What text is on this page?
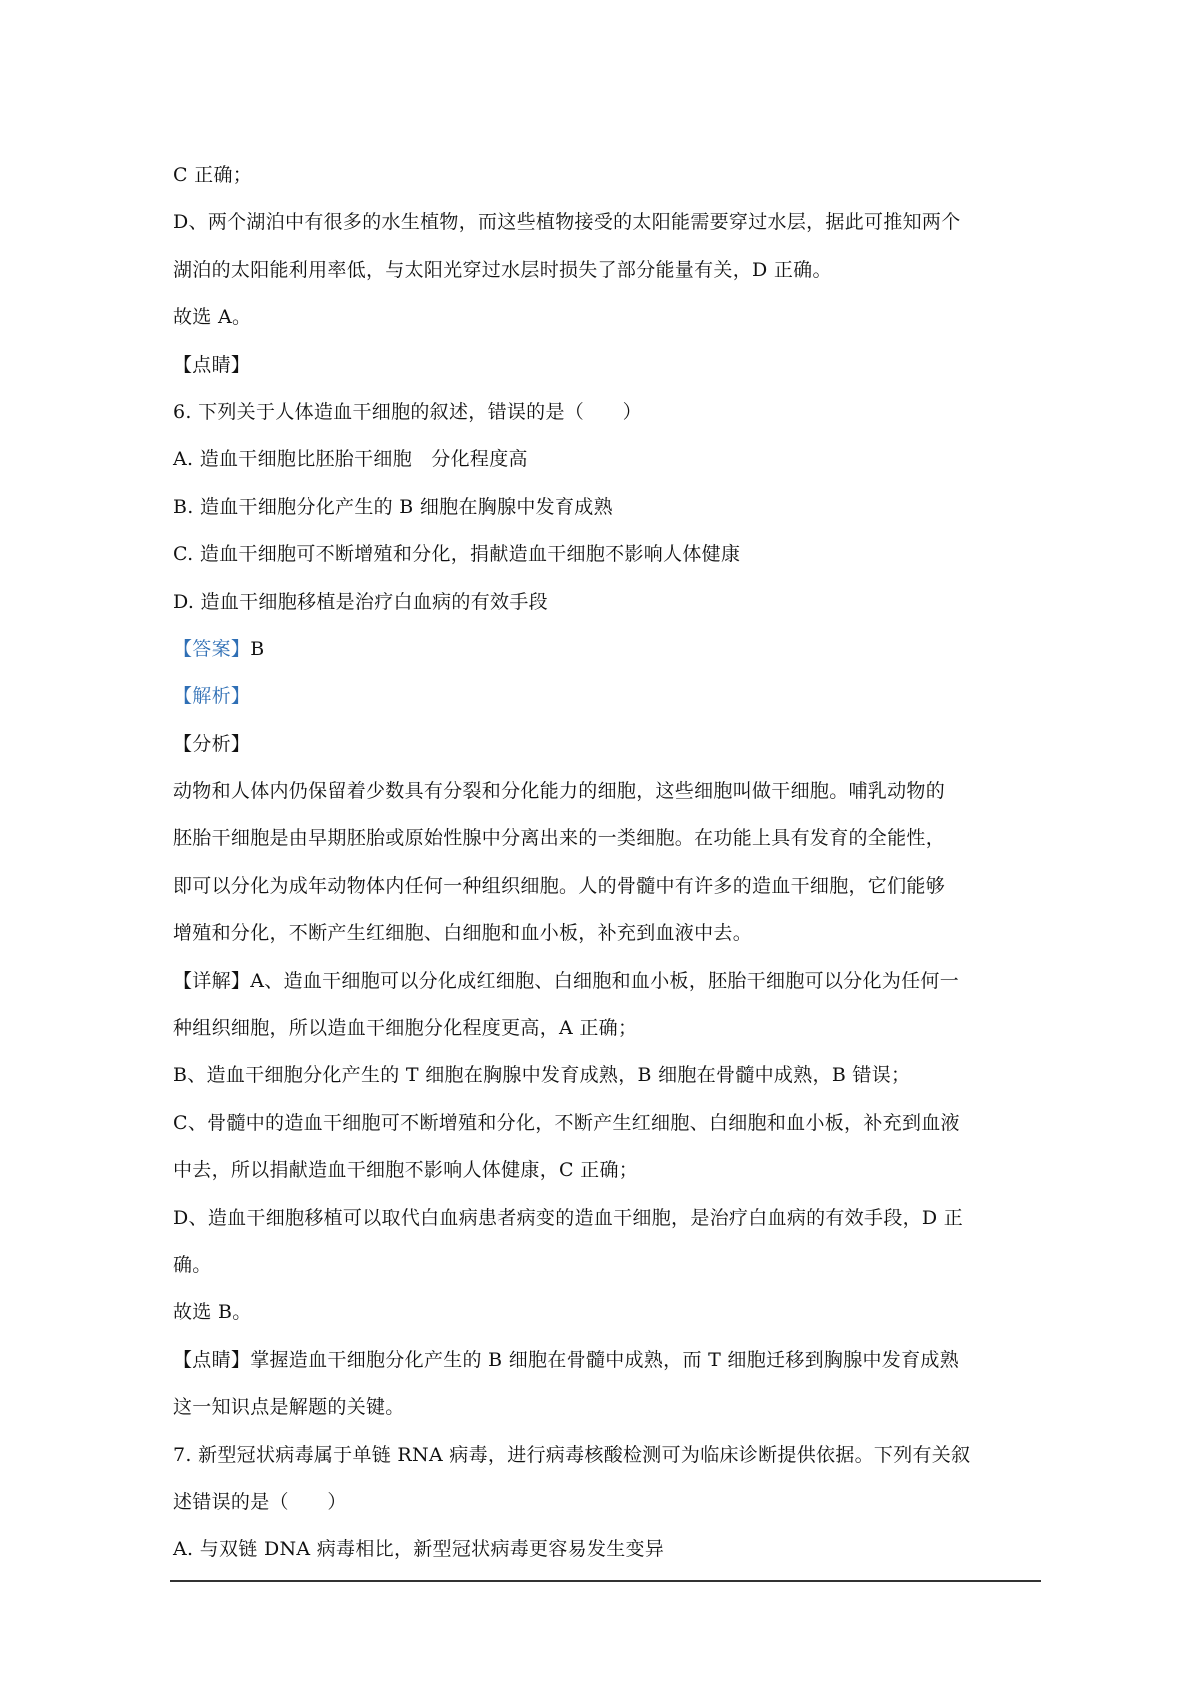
C 正确；
D、两个湖泊中有很多的水生植物，而这些植物接受的太阳能需要穿过水层，据此可推知两个
湖泊的太阳能利用率低，与太阳光穿过水层时损失了部分能量有关，D 正确。
故选 A。
【点睛】
6. 下列关于人体造血干细胞的叙述，错误的是（　　）
A. 造血干细胞比胚胎干细胞　分化程度高
B. 造血干细胞分化产生的 B 细胞在胸腺中发育成熟
C. 造血干细胞可不断增殖和分化，捐献造血干细胞不影响人体健康
D. 造血干细胞移植是治疗白血病的有效手段
【答案】B
【解析】
【分析】
动物和人体内仍保留着少数具有分裂和分化能力的细胞，这些细胞叫做干细胞。哺乳动物的
胚胎干细胞是由早期胚胎或原始性腺中分离出来的一类细胞。在功能上具有发育的全能性，
即可以分化为成年动物体内任何一种组织细胞。人的骨髓中有许多的造血干细胞，它们能够
增殖和分化，不断产生红细胞、白细胞和血小板，补充到血液中去。
【详解】A、造血干细胞可以分化成红细胞、白细胞和血小板，胚胎干细胞可以分化为任何一
种组织细胞，所以造血干细胞分化程度更高，A 正确；
B、造血干细胞分化产生的 T 细胞在胸腺中发育成熟，B 细胞在骨髓中成熟，B 错误；
C、骨髓中的造血干细胞可不断增殖和分化，不断产生红细胞、白细胞和血小板，补充到血液
中去，所以捐献造血干细胞不影响人体健康，C 正确；
D、造血干细胞移植可以取代白血病患者病变的造血干细胞，是治疗白血病的有效手段，D 正
确。
故选 B。
【点睛】掌握造血干细胞分化产生的 B 细胞在骨髓中成熟，而 T 细胞迁移到胸腺中发育成熟
这一知识点是解题的关键。
7. 新型冠状病毒属于单链 RNA 病毒，进行病毒核酸检测可为临床诊断提供依据。下列有关叙
述错误的是（　　）
A. 与双链 DNA 病毒相比，新型冠状病毒更容易发生变异
